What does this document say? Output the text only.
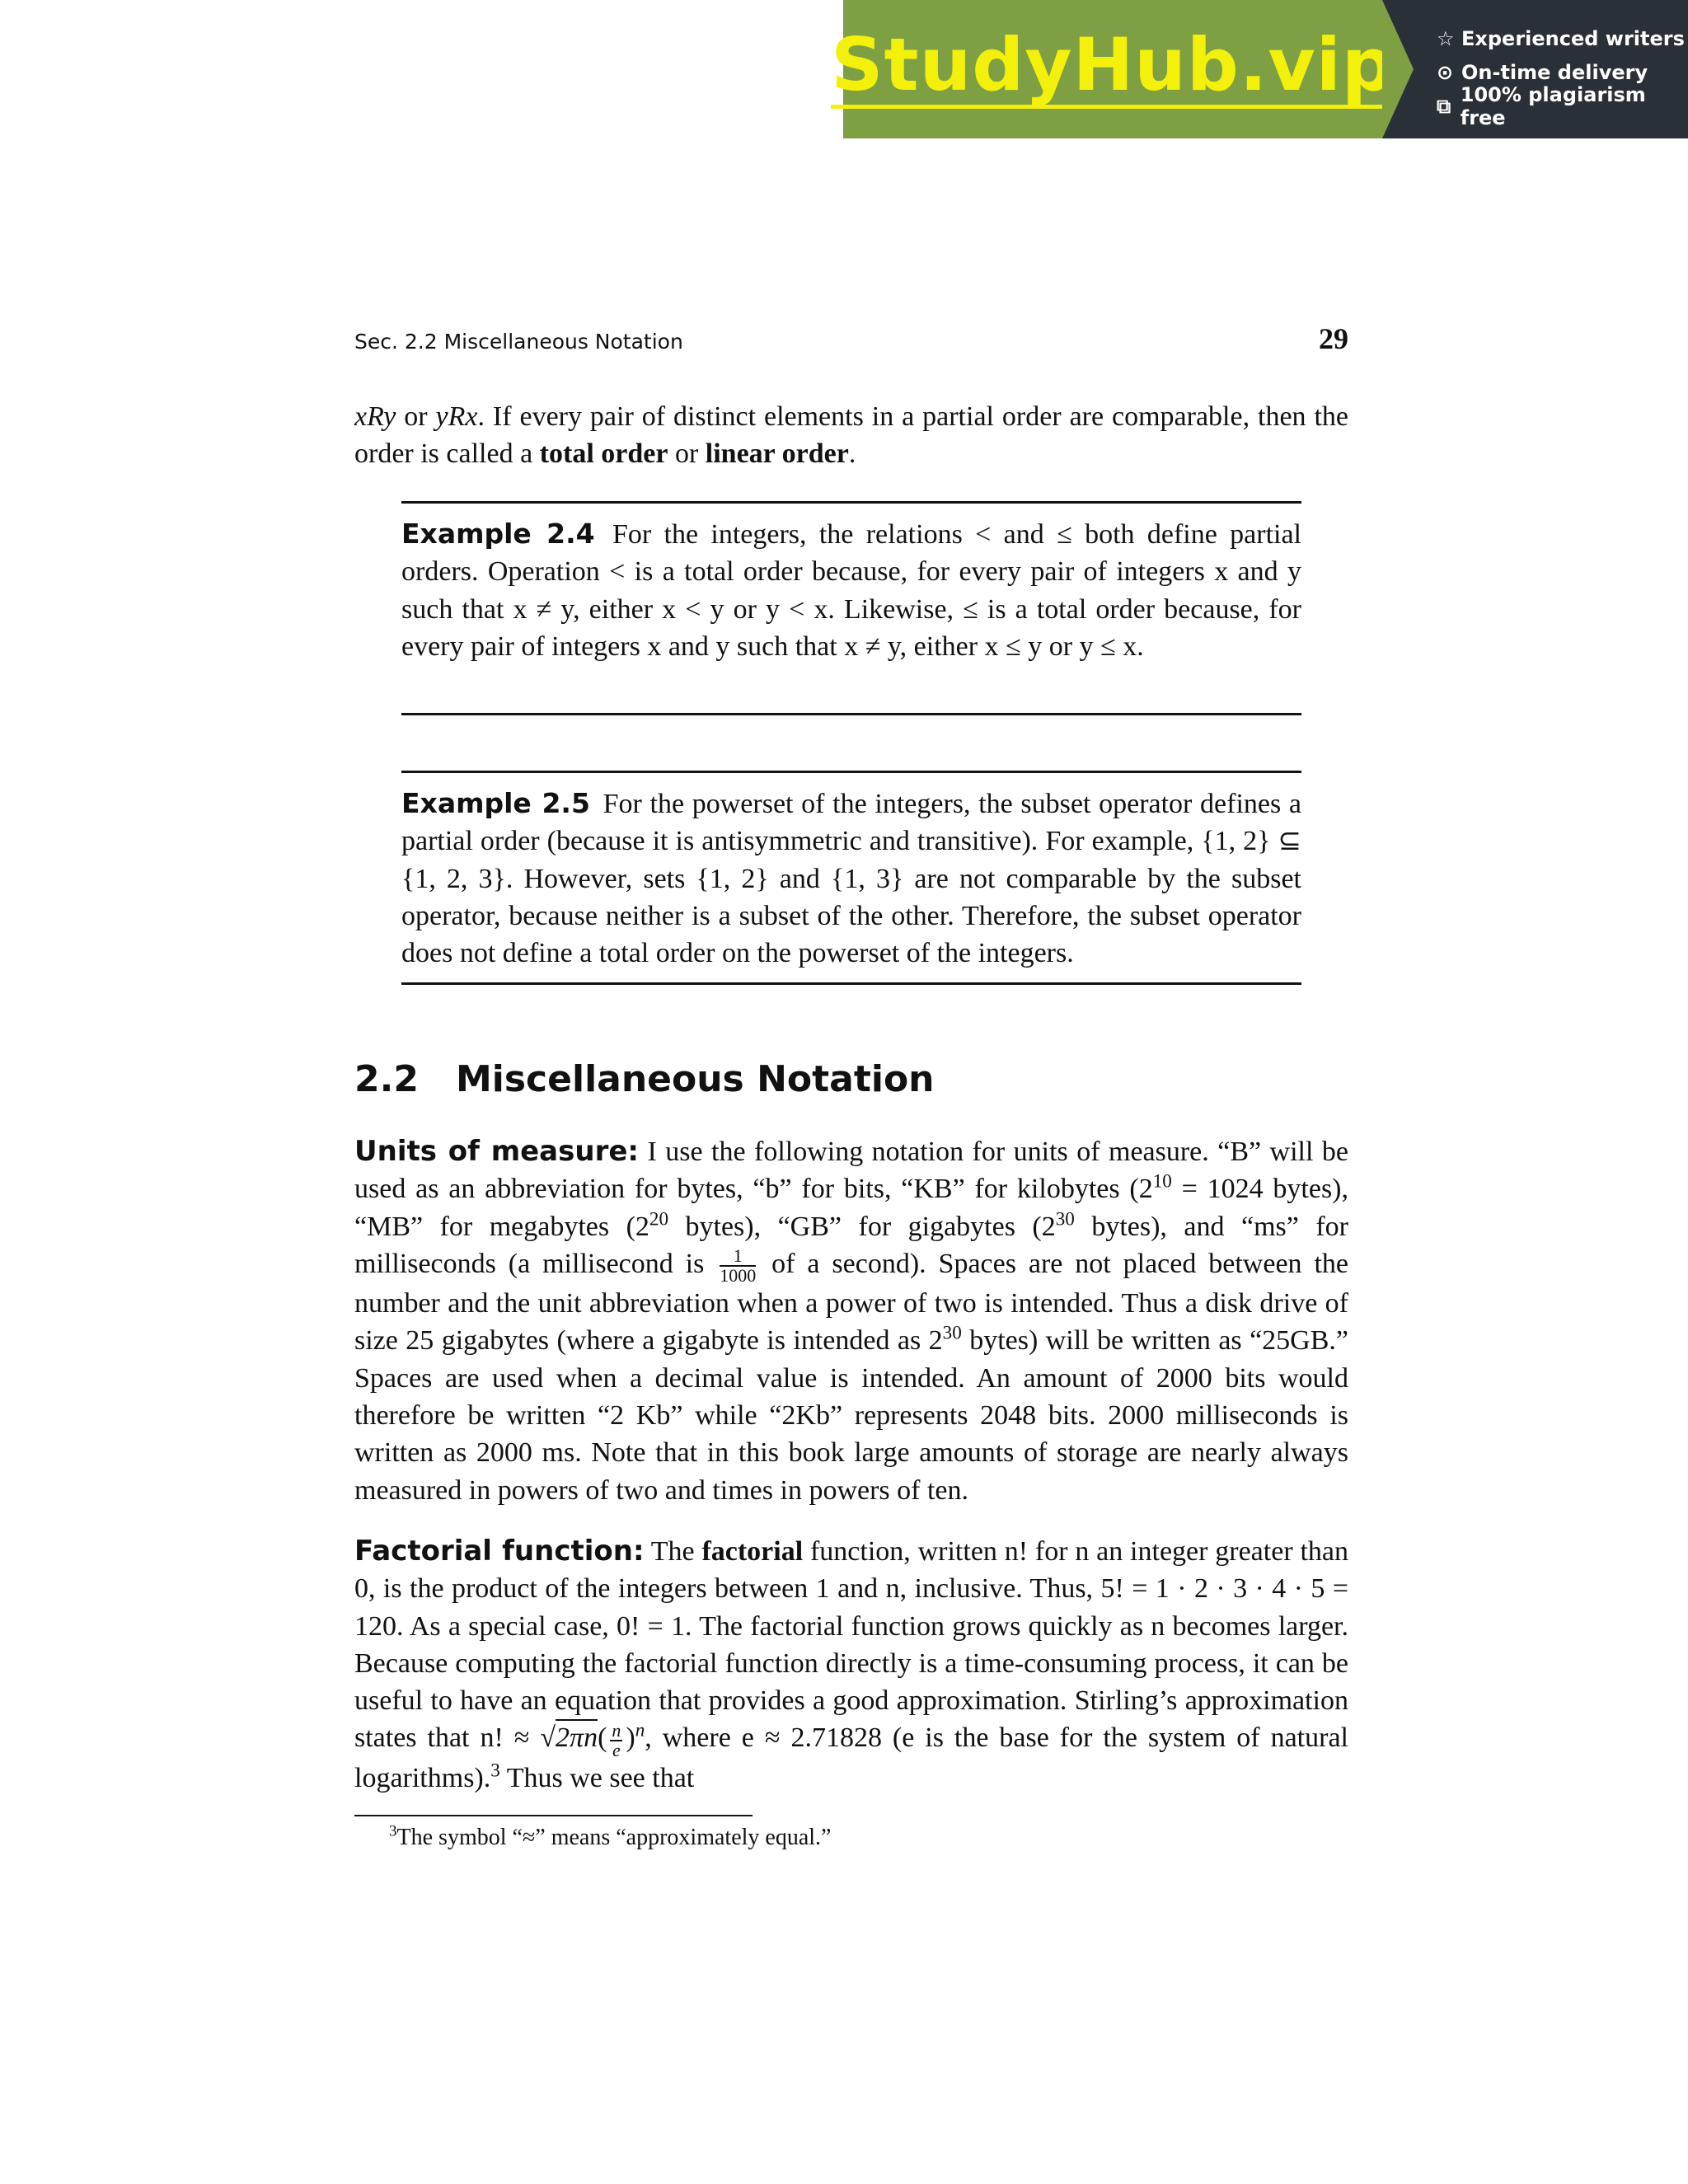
StudyHub.vip ☆ Experienced writers
⊙ On-time delivery
⧉ 100% plagiarism free
Sec. 2.2 Miscellaneous Notation	29
xRy or yRx. If every pair of distinct elements in a partial order are comparable, then the order is called a total order or linear order.
Example 2.4 For the integers, the relations < and ≤ both define partial orders. Operation < is a total order because, for every pair of integers x and y such that x ≠ y, either x < y or y < x. Likewise, ≤ is a total order because, for every pair of integers x and y such that x ≠ y, either x ≤ y or y ≤ x.
Example 2.5 For the powerset of the integers, the subset operator defines a partial order (because it is antisymmetric and transitive). For example, {1, 2} ⊆ {1, 2, 3}. However, sets {1, 2} and {1, 3} are not comparable by the subset operator, because neither is a subset of the other. Therefore, the subset operator does not define a total order on the powerset of the integers.
2.2 Miscellaneous Notation
Units of measure: I use the following notation for units of measure. “B” will be used as an abbreviation for bytes, “b” for bits, “KB” for kilobytes ($2^{10} = 1024$ bytes), “MB” for megabytes ($2^{20}$ bytes), “GB” for gigabytes ($2^{30}$ bytes), and “ms” for milliseconds (a millisecond is $\frac{1}{1000}$ of a second). Spaces are not placed between the number and the unit abbreviation when a power of two is intended. Thus a disk drive of size 25 gigabytes (where a gigabyte is intended as $2^{30}$ bytes) will be written as “25GB.” Spaces are used when a decimal value is intended. An amount of 2000 bits would therefore be written “2 Kb” while “2Kb” represents 2048 bits. 2000 milliseconds is written as 2000 ms. Note that in this book large amounts of storage are nearly always measured in powers of two and times in powers of ten.
Factorial function: The factorial function, written n! for n an integer greater than 0, is the product of the integers between 1 and n, inclusive. Thus, 5! = 1 · 2 · 3 · 4 · 5 = 120. As a special case, 0! = 1. The factorial function grows quickly as n becomes larger. Because computing the factorial function directly is a time-consuming process, it can be useful to have an equation that provides a good approximation. Stirling’s approximation states that n! ≈ $√2\pi n( \frac{n}{e} )^n$, where e ≈ 2.71828 (e is the base for the system of natural logarithms).$^3$ Thus we see that
$^3$The symbol “≈” means “approximately equal.”
